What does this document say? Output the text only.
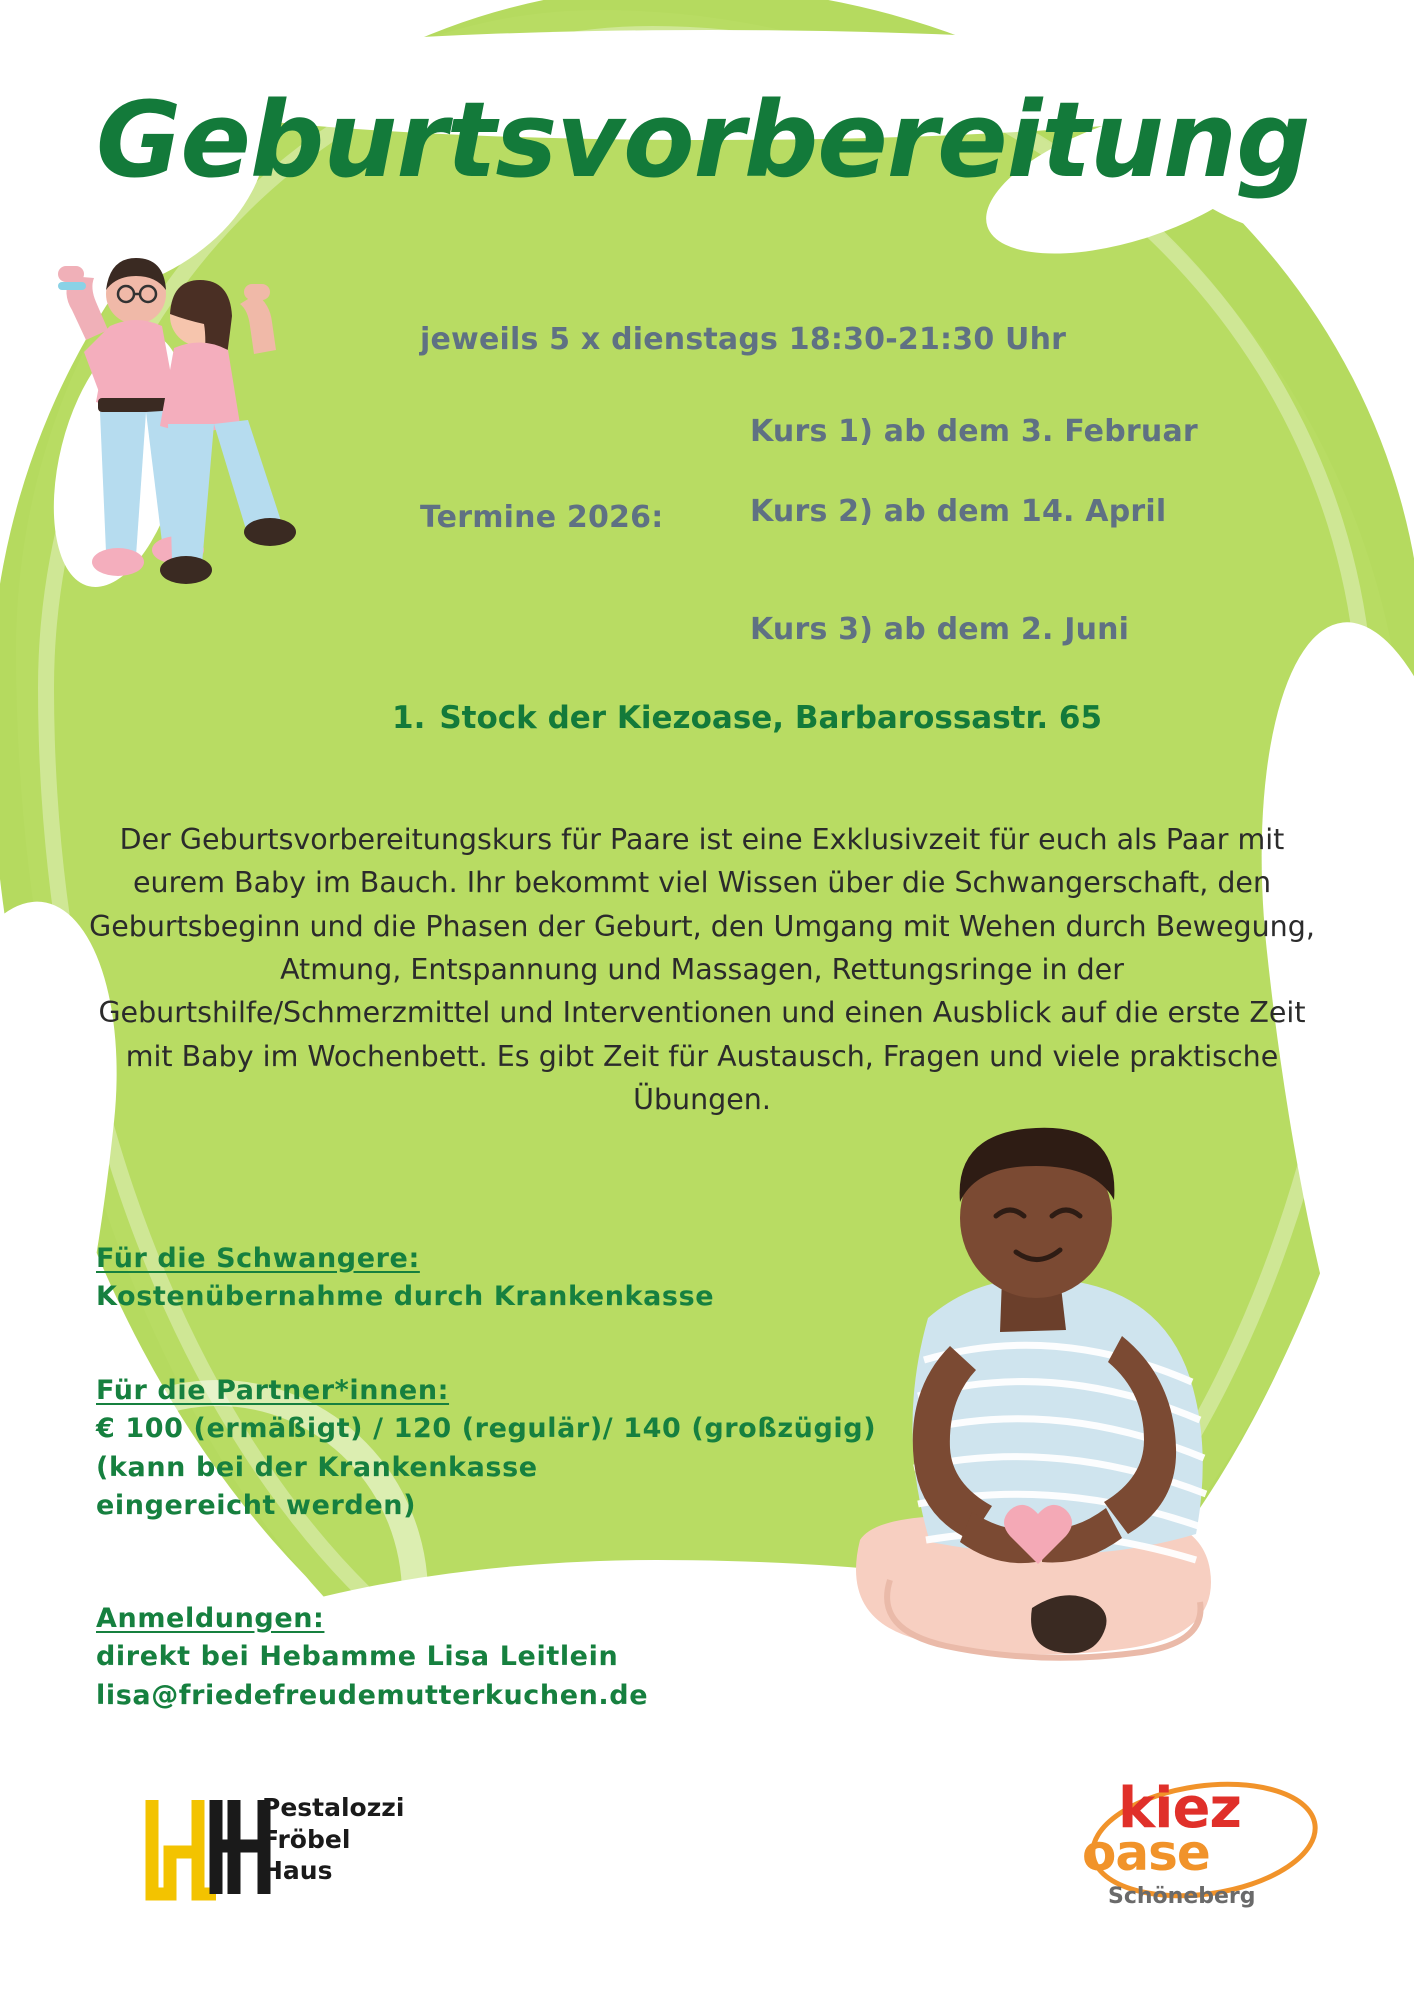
Geburtsvorbereitung
jeweils 5 x dienstags 18:30-21:30 Uhr
Termine 2026:
Kurs 1) ab dem 3. Februar
Kurs 2) ab dem 14. April
Kurs 3) ab dem 2. Juni
1. Stock der Kiezoase, Barbarossastr. 65
Der Geburtsvorbereitungskurs für Paare ist eine Exklusivzeit für euch als Paar mit eurem Baby im Bauch. Ihr bekommt viel Wissen über die Schwangerschaft, den Geburtsbeginn und die Phasen der Geburt, den Umgang mit Wehen durch Bewegung, Atmung, Entspannung und Massagen, Rettungsringe in der Geburtshilfe/Schmerzmittel und Interventionen und einen Ausblick auf die erste Zeit mit Baby im Wochenbett. Es gibt Zeit für Austausch, Fragen und viele praktische Übungen.
Für die Schwangere:
Kostenübernahme durch Krankenkasse
Für die Partner*innen:
€ 100 (ermäßigt) / 120 (regulär)/ 140 (großzügig)
(kann bei der Krankenkasse
eingereicht werden)
Anmeldungen:
direkt bei Hebamme Lisa Leitlein
lisa@friedefreudemutterkuchen.de
Pestalozzi
Fröbel
Haus
kiez
oase
Schöneberg
